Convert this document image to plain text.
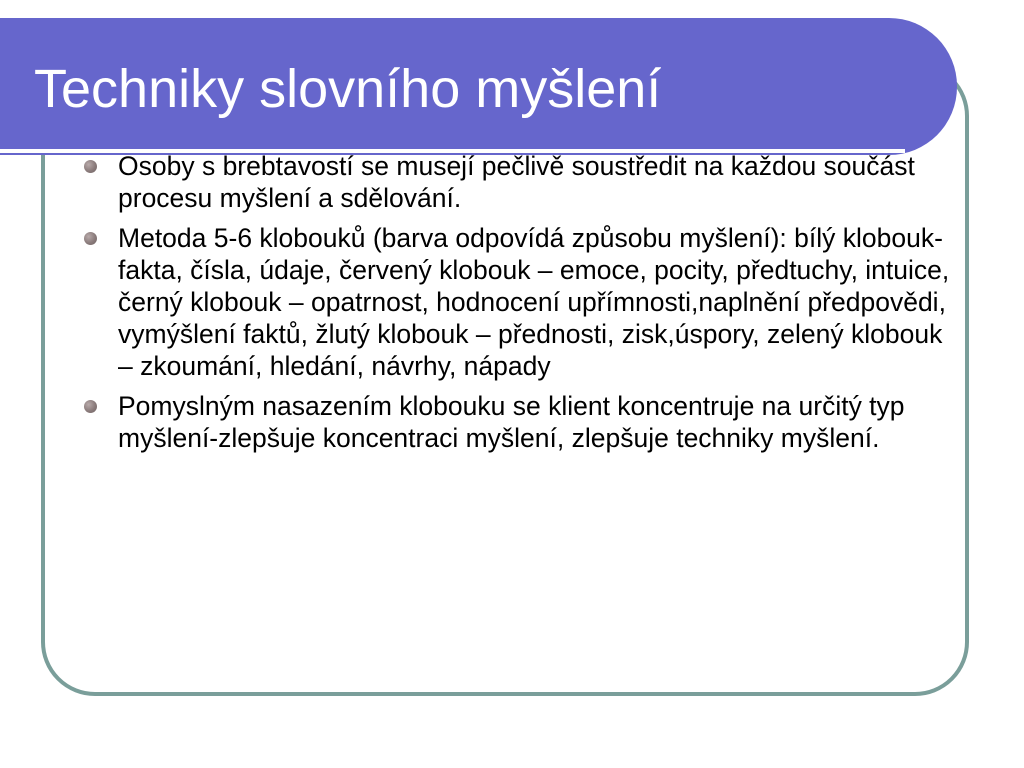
Techniky slovního myšlení
Osoby s brebtavostí se musejí pečlivě soustředit na každou součást procesu myšlení a sdělování.
Metoda 5-6 klobouků (barva odpovídá způsobu myšlení): bílý klobouk-fakta, čísla, údaje, červený klobouk – emoce, pocity, předtuchy, intuice, černý klobouk – opatrnost, hodnocení upřímnosti,naplnění předpovědi, vymýšlení faktů, žlutý klobouk – přednosti, zisk,úspory, zelený klobouk – zkoumání, hledání, návrhy, nápady
Pomyslným nasazením klobouku se klient koncentruje na určitý typ  myšlení-zlepšuje koncentraci myšlení, zlepšuje techniky myšlení.
